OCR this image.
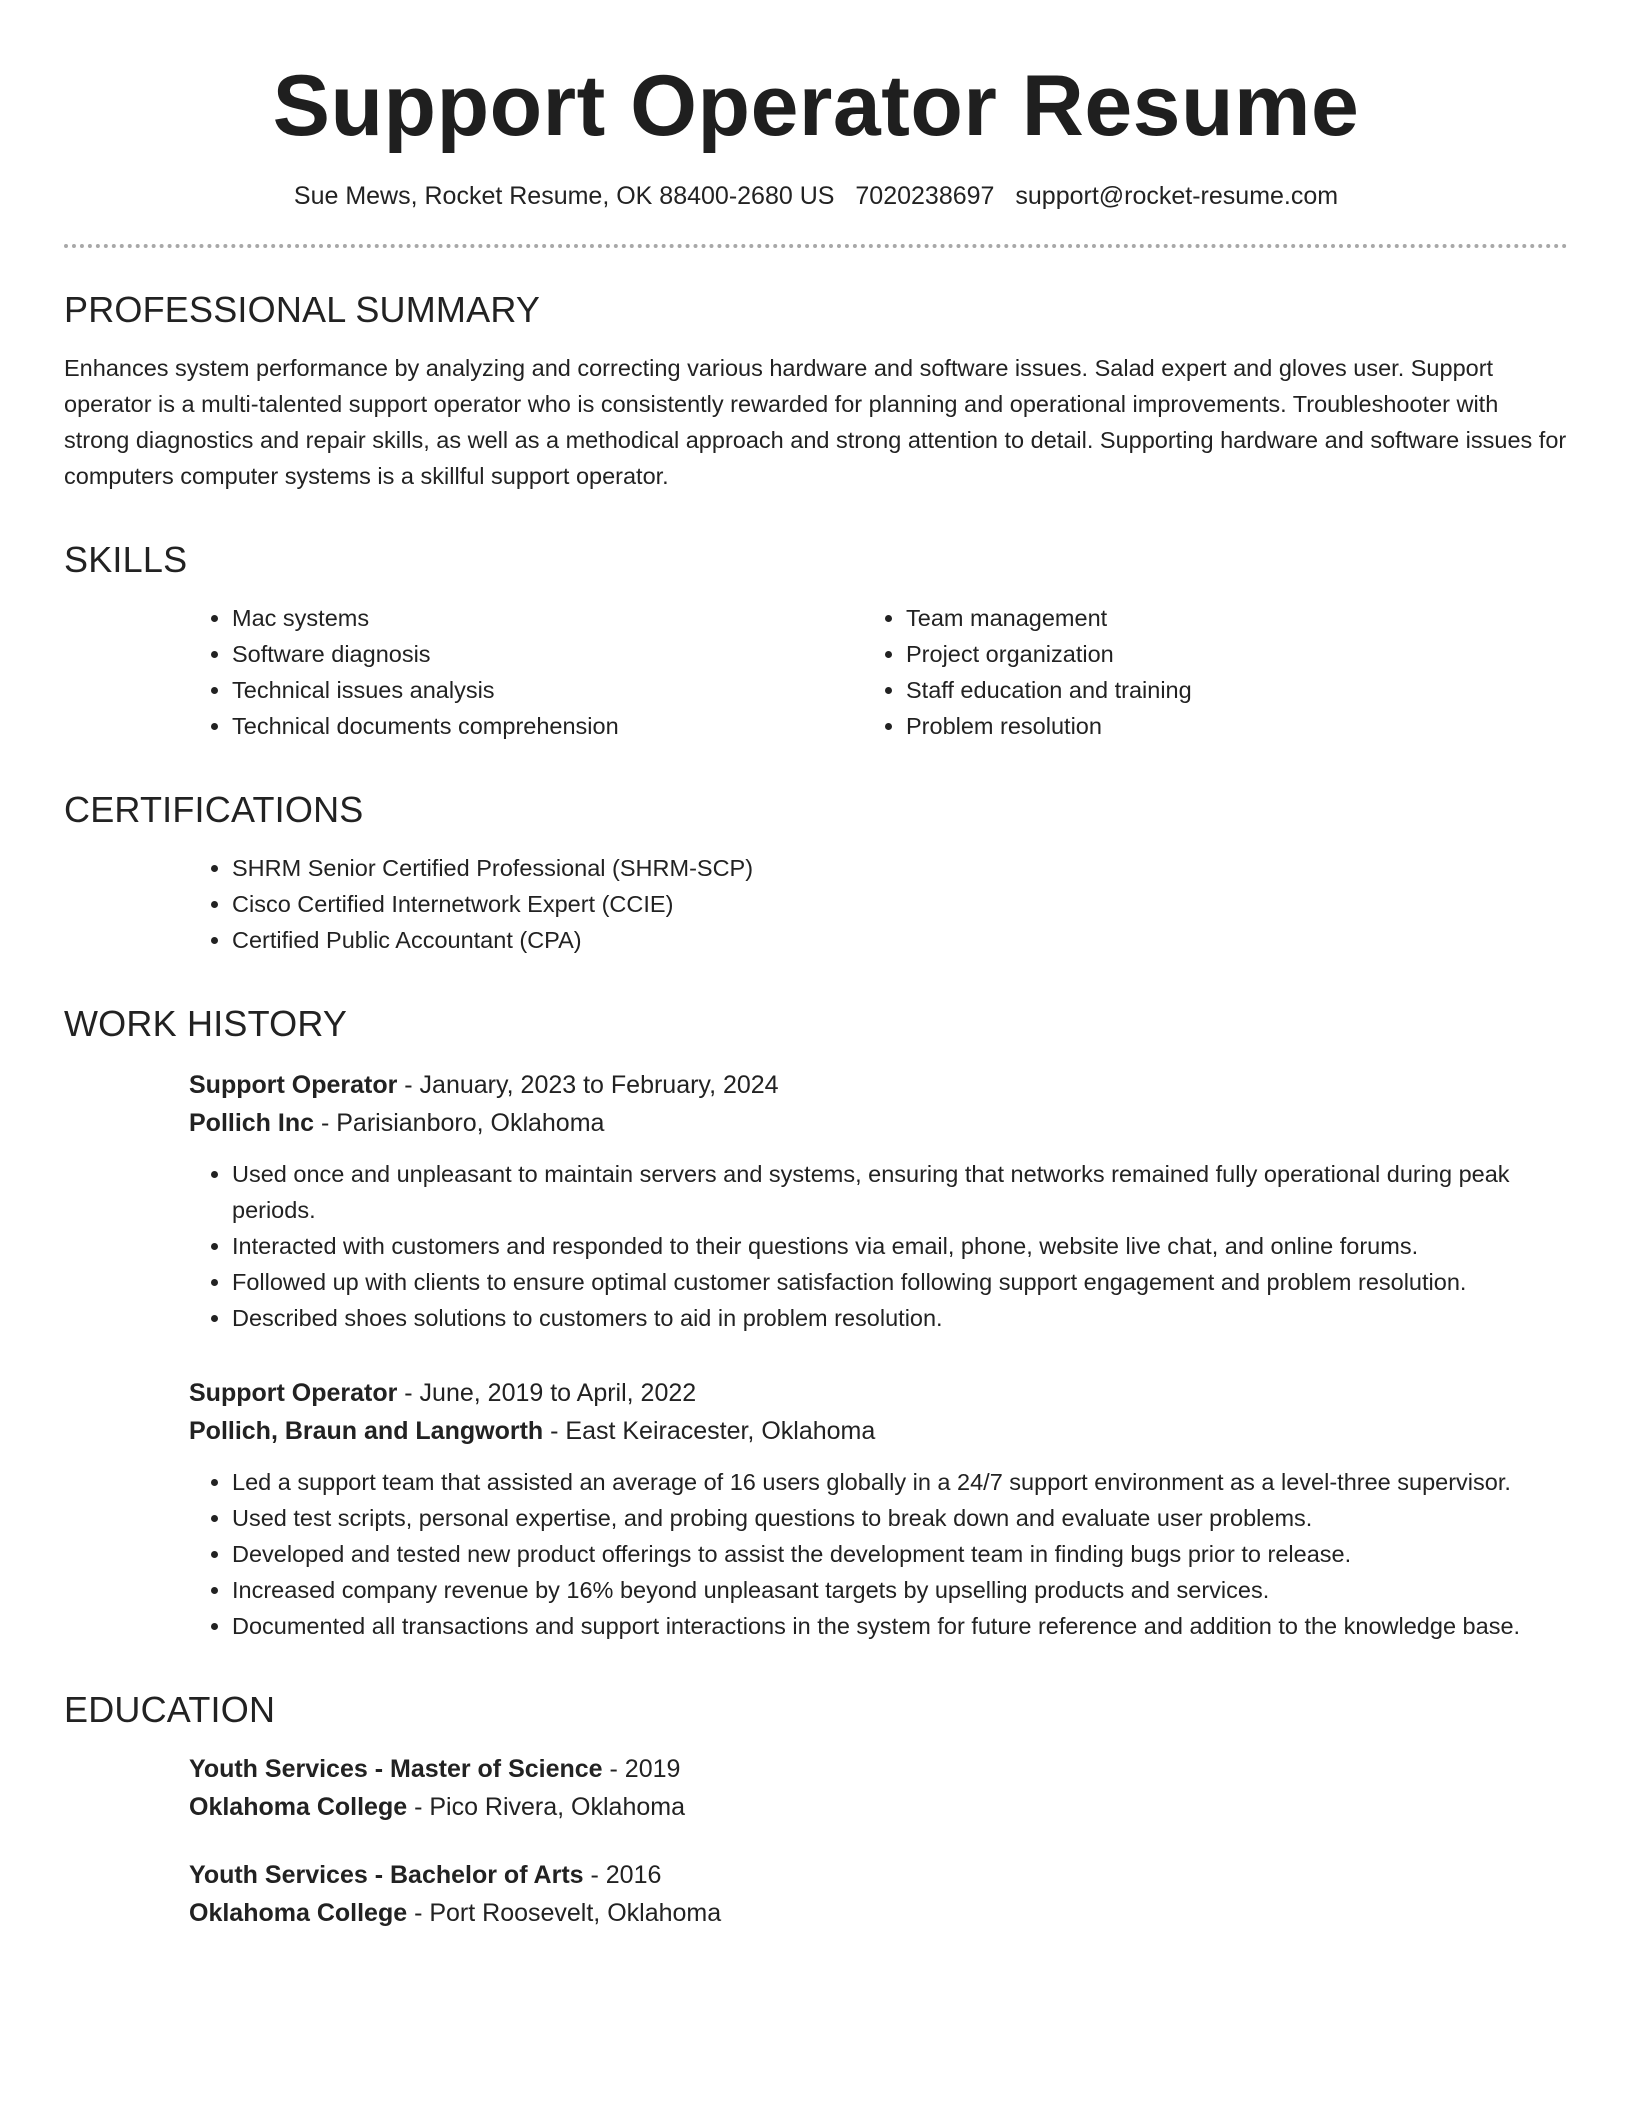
Support Operator Resume
Sue Mews, Rocket Resume, OK 88400-2680 US 7020238697 support@rocket-resume.com
PROFESSIONAL SUMMARY

Enhances system performance by analyzing and correcting various hardware and software issues. Salad expert and gloves user. Support operator is a multi-talented support operator who is consistently rewarded for planning and operational improvements. Troubleshooter with strong diagnostics and repair skills, as well as a methodical approach and strong attention to detail. Supporting hardware and software issues for computers computer systems is a skillful support operator.

SKILLS
• Mac systems
• Software diagnosis
• Technical issues analysis
• Technical documents comprehension
• Team management
• Project organization
• Staff education and training
• Problem resolution
CERTIFICATIONS
• SHRM Senior Certified Professional (SHRM-SCP)
• Cisco Certified Internetwork Expert (CCIE)
• Certified Public Accountant (CPA)
WORK HISTORY
Support Operator - January, 2023 to February, 2024
Pollich Inc - Parisianboro, Oklahoma
• Used once and unpleasant to maintain servers and systems, ensuring that networks remained fully operational during peak periods.
• Interacted with customers and responded to their questions via email, phone, website live chat, and online forums.
• Followed up with clients to ensure optimal customer satisfaction following support engagement and problem resolution.
• Described shoes solutions to customers to aid in problem resolution.
Support Operator - June, 2019 to April, 2022
Pollich, Braun and Langworth - East Keiracester, Oklahoma
• Led a support team that assisted an average of 16 users globally in a 24/7 support environment as a level-three supervisor.
• Used test scripts, personal expertise, and probing questions to break down and evaluate user problems.
• Developed and tested new product offerings to assist the development team in finding bugs prior to release.
• Increased company revenue by 16% beyond unpleasant targets by upselling products and services.
• Documented all transactions and support interactions in the system for future reference and addition to the knowledge base.
EDUCATION
Youth Services - Master of Science - 2019
Oklahoma College - Pico Rivera, Oklahoma
Youth Services - Bachelor of Arts - 2016
Oklahoma College - Port Roosevelt, Oklahoma
